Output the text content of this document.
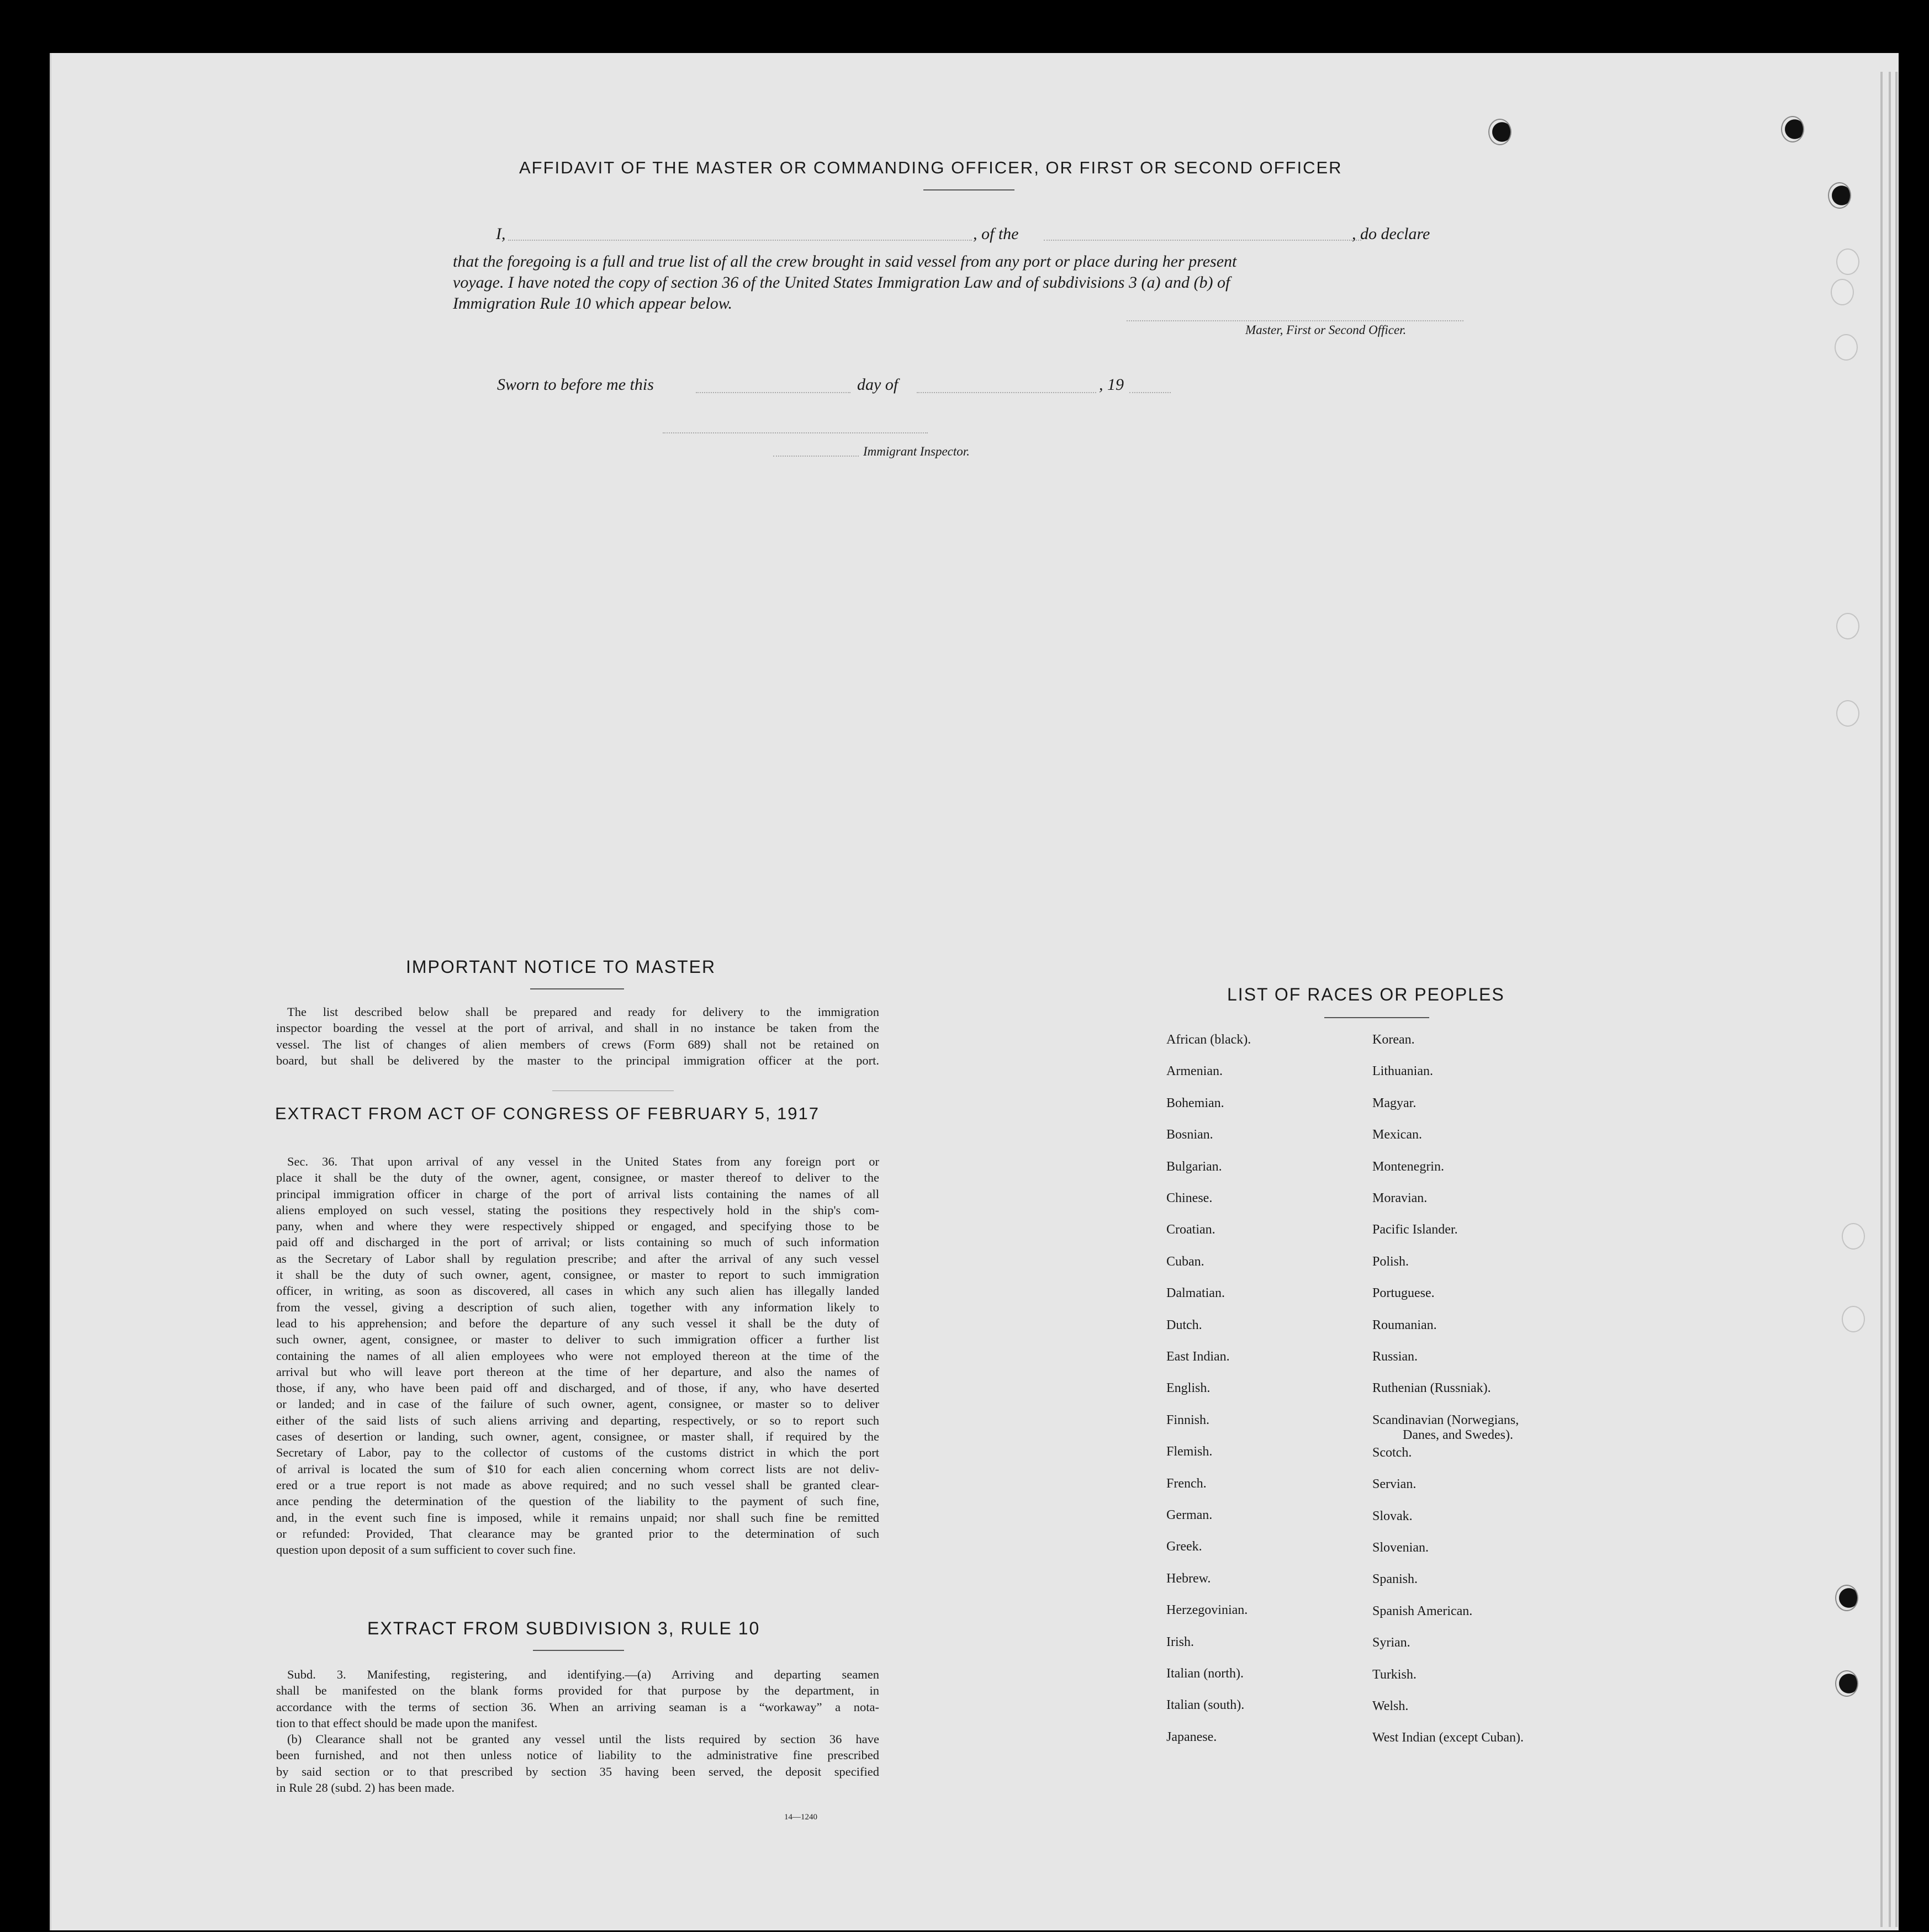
AFFIDAVIT OF THE MASTER OR COMMANDING OFFICER, OR FIRST OR SECOND OFFICER
I,	, of the	, do declare
that the foregoing is a full and true list of all the crew brought in said vessel from any port or place during her present
voyage. I have noted the copy of section 36 of the United States Immigration Law and of subdivisions 3 (a) and (b) of
Immigration Rule 10 which appear below.
Master, First or Second Officer.
Sworn to before me this	day of	, 19
Immigrant Inspector.
IMPORTANT NOTICE TO MASTER

The list described below shall be prepared and ready for delivery to the immigration

inspector boarding the vessel at the port of arrival, and shall in no instance be taken from the

vessel. The list of changes of alien members of crews (Form 689) shall not be retained on

board, but shall be delivered by the master to the principal immigration officer at the port.

EXTRACT FROM ACT OF CONGRESS OF FEBRUARY 5, 1917

Sec. 36. That upon arrival of any vessel in the United States from any foreign port or

place it shall be the duty of the owner, agent, consignee, or master thereof to deliver to the

principal immigration officer in charge of the port of arrival lists containing the names of all

aliens employed on such vessel, stating the positions they respectively hold in the ship's com-

pany, when and where they were respectively shipped or engaged, and specifying those to be

paid off and discharged in the port of arrival; or lists containing so much of such information

as the Secretary of Labor shall by regulation prescribe; and after the arrival of any such vessel

it shall be the duty of such owner, agent, consignee, or master to report to such immigration

officer, in writing, as soon as discovered, all cases in which any such alien has illegally landed

from the vessel, giving a description of such alien, together with any information likely to

lead to his apprehension; and before the departure of any such vessel it shall be the duty of

such owner, agent, consignee, or master to deliver to such immigration officer a further list

containing the names of all alien employees who were not employed thereon at the time of the

arrival but who will leave port thereon at the time of her departure, and also the names of

those, if any, who have been paid off and discharged, and of those, if any, who have deserted

or landed; and in case of the failure of such owner, agent, consignee, or master so to deliver

either of the said lists of such aliens arriving and departing, respectively, or so to report such

cases of desertion or landing, such owner, agent, consignee, or master shall, if required by the

Secretary of Labor, pay to the collector of customs of the customs district in which the port

of arrival is located the sum of $10 for each alien concerning whom correct lists are not deliv-

ered or a true report is not made as above required; and no such vessel shall be granted clear-

ance pending the determination of the question of the liability to the payment of such fine,

and, in the event such fine is imposed, while it remains unpaid; nor shall such fine be remitted

or refunded: Provided, That clearance may be granted prior to the determination of such

question upon deposit of a sum sufficient to cover such fine.

EXTRACT FROM SUBDIVISION 3, RULE 10

Subd. 3. Manifesting, registering, and identifying.—(a) Arriving and departing seamen

shall be manifested on the blank forms provided for that purpose by the department, in

accordance with the terms of section 36. When an arriving seaman is a “workaway” a nota-

tion to that effect should be made upon the manifest.

(b) Clearance shall not be granted any vessel until the lists required by section 36 have

been furnished, and not then unless notice of liability to the administrative fine prescribed

by said section or to that prescribed by section 35 having been served, the deposit specified

in Rule 28 (subd. 2) has been made.

14—1240
LIST OF RACES OR PEOPLES
African (black).
Armenian.
Bohemian.
Bosnian.
Bulgarian.
Chinese.
Croatian.
Cuban.
Dalmatian.
Dutch.
East Indian.
English.
Finnish.
Flemish.
French.
German.
Greek.
Hebrew.
Herzegovinian.
Irish.
Italian (north).
Italian (south).
Japanese.
Korean.
Lithuanian.
Magyar.
Mexican.
Montenegrin.
Moravian.
Pacific Islander.
Polish.
Portuguese.
Roumanian.
Russian.
Ruthenian (Russniak).
Scandinavian (Norwegians,
Danes, and Swedes).
Scotch.
Servian.
Slovak.
Slovenian.
Spanish.
Spanish American.
Syrian.
Turkish.
Welsh.
West Indian (except Cuban).
